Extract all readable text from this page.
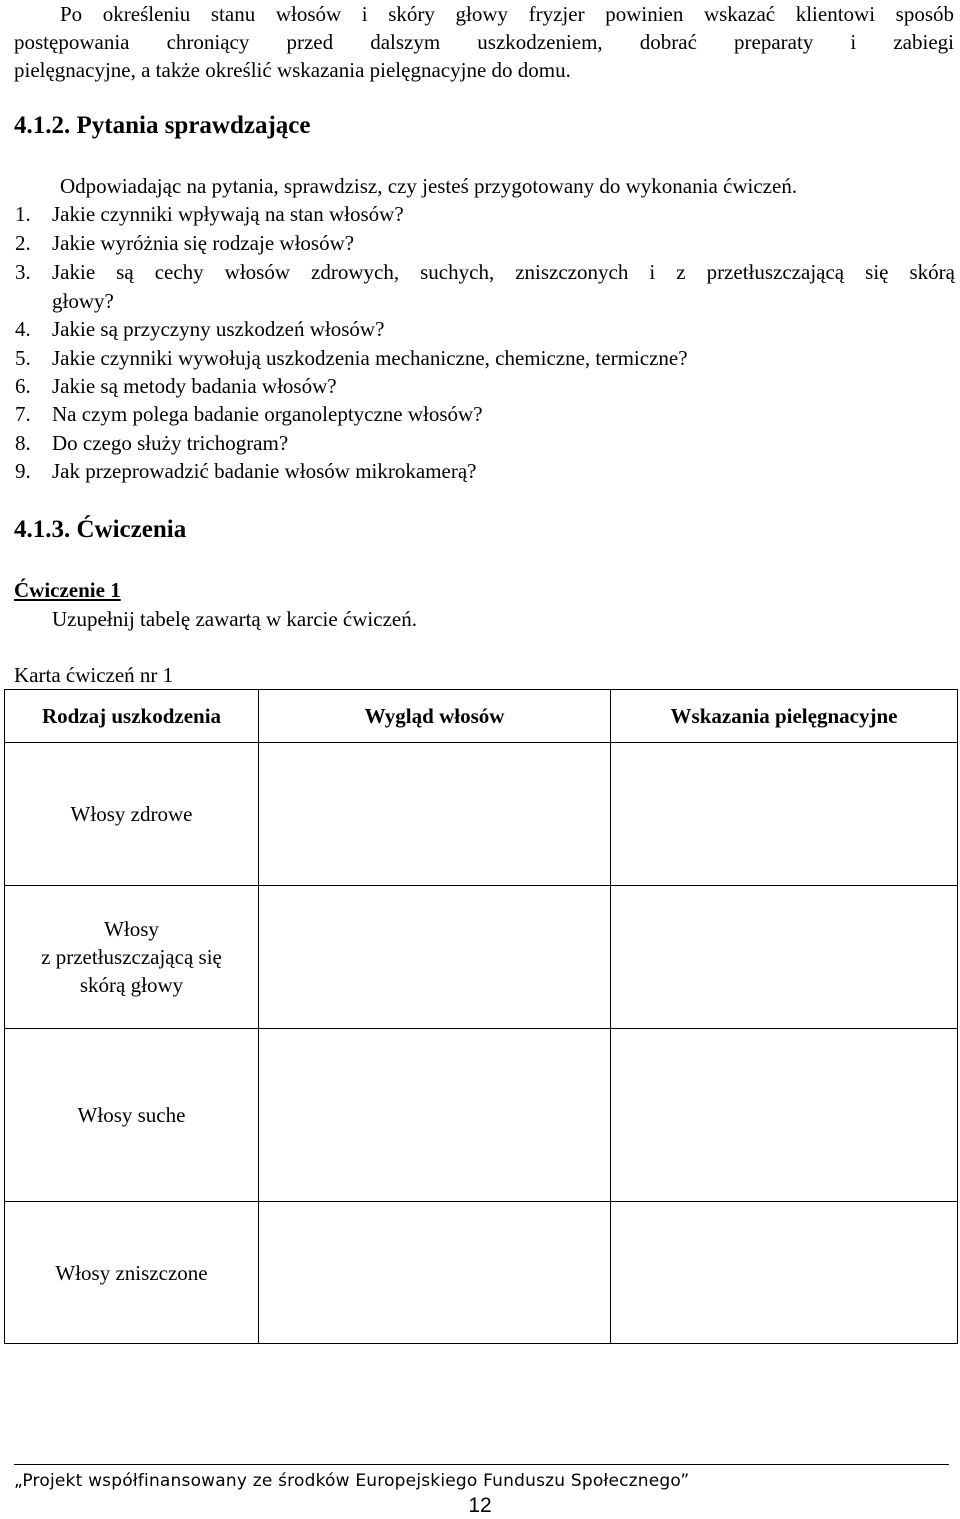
Po określeniu stanu włosów i skóry głowy fryzjer powinien wskazać klientowi sposób
postępowania chroniący przed dalszym uszkodzeniem, dobrać preparaty i zabiegi
pielęgnacyjne, a także określić wskazania pielęgnacyjne do domu.
4.1.2. Pytania sprawdzające
Odpowiadając na pytania, sprawdzisz, czy jesteś przygotowany do wykonania ćwiczeń.
1. Jakie czynniki wpływają na stan włosów?
2. Jakie wyróżnia się rodzaje włosów?
3.	Jakie są cechy włosów zdrowych, suchych, zniszczonych i z przetłuszczającą się skórą
głowy?
4. Jakie są przyczyny uszkodzeń włosów?
5. Jakie czynniki wywołują uszkodzenia mechaniczne, chemiczne, termiczne?
6. Jakie są metody badania włosów?
7. Na czym polega badanie organoleptyczne włosów?
8. Do czego służy trichogram?
9. Jak przeprowadzić badanie włosów mikrokamerą?
4.1.3. Ćwiczenia
Ćwiczenie 1
Uzupełnij tabelę zawartą w karcie ćwiczeń.
Karta ćwiczeń nr 1
Rodzaj uszkodzenia	Wygląd włosów	Wskazania pielęgnacyjne

Włosy zdrowe		

Włosy
z przetłuszczającą się
skórą głowy		

Włosy suche		

Włosy zniszczone		

„Projekt współfinansowany ze środków Europejskiego Funduszu Społecznego”
12
